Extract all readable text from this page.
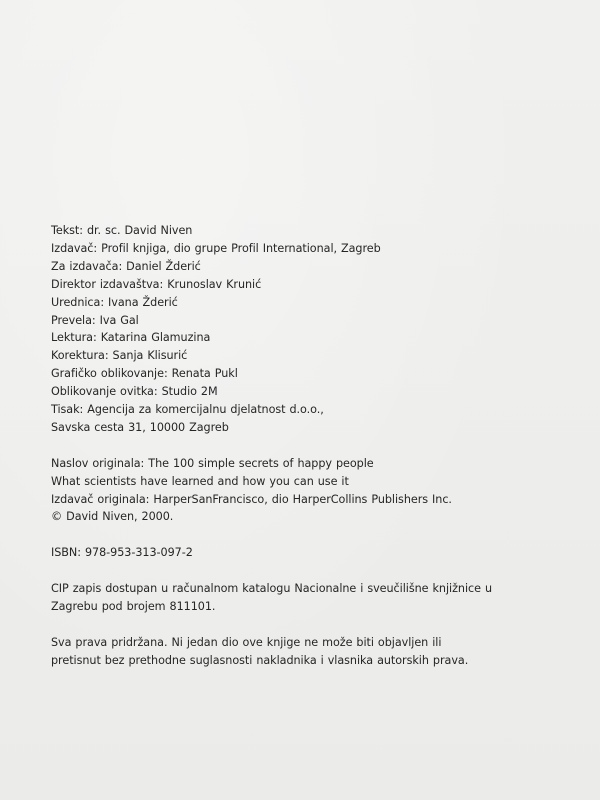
Tekst: dr. sc. David Niven
Izdavač: Profil knjiga, dio grupe Profil International, Zagreb
Za izdavača: Daniel Žderić
Direktor izdavaštva: Krunoslav Krunić
Urednica: Ivana Žderić
Prevela: Iva Gal
Lektura: Katarina Glamuzina
Korektura: Sanja Klisurić
Grafičko oblikovanje: Renata Pukl
Oblikovanje ovitka: Studio 2M
Tisak: Agencija za komercijalnu djelatnost d.o.o.,
Savska cesta 31, 10000 Zagreb
Naslov originala: The 100 simple secrets of happy people
What scientists have learned and how you can use it
Izdavač originala: HarperSanFrancisco, dio HarperCollins Publishers Inc.
© David Niven, 2000.
ISBN: 978-953-313-097-2
CIP zapis dostupan u računalnom katalogu Nacionalne i sveučilišne knjižnice u
Zagrebu pod brojem 811101.
Sva prava pridržana. Ni jedan dio ove knjige ne može biti objavljen ili
pretisnut bez prethodne suglasnosti nakladnika i vlasnika autorskih prava.
